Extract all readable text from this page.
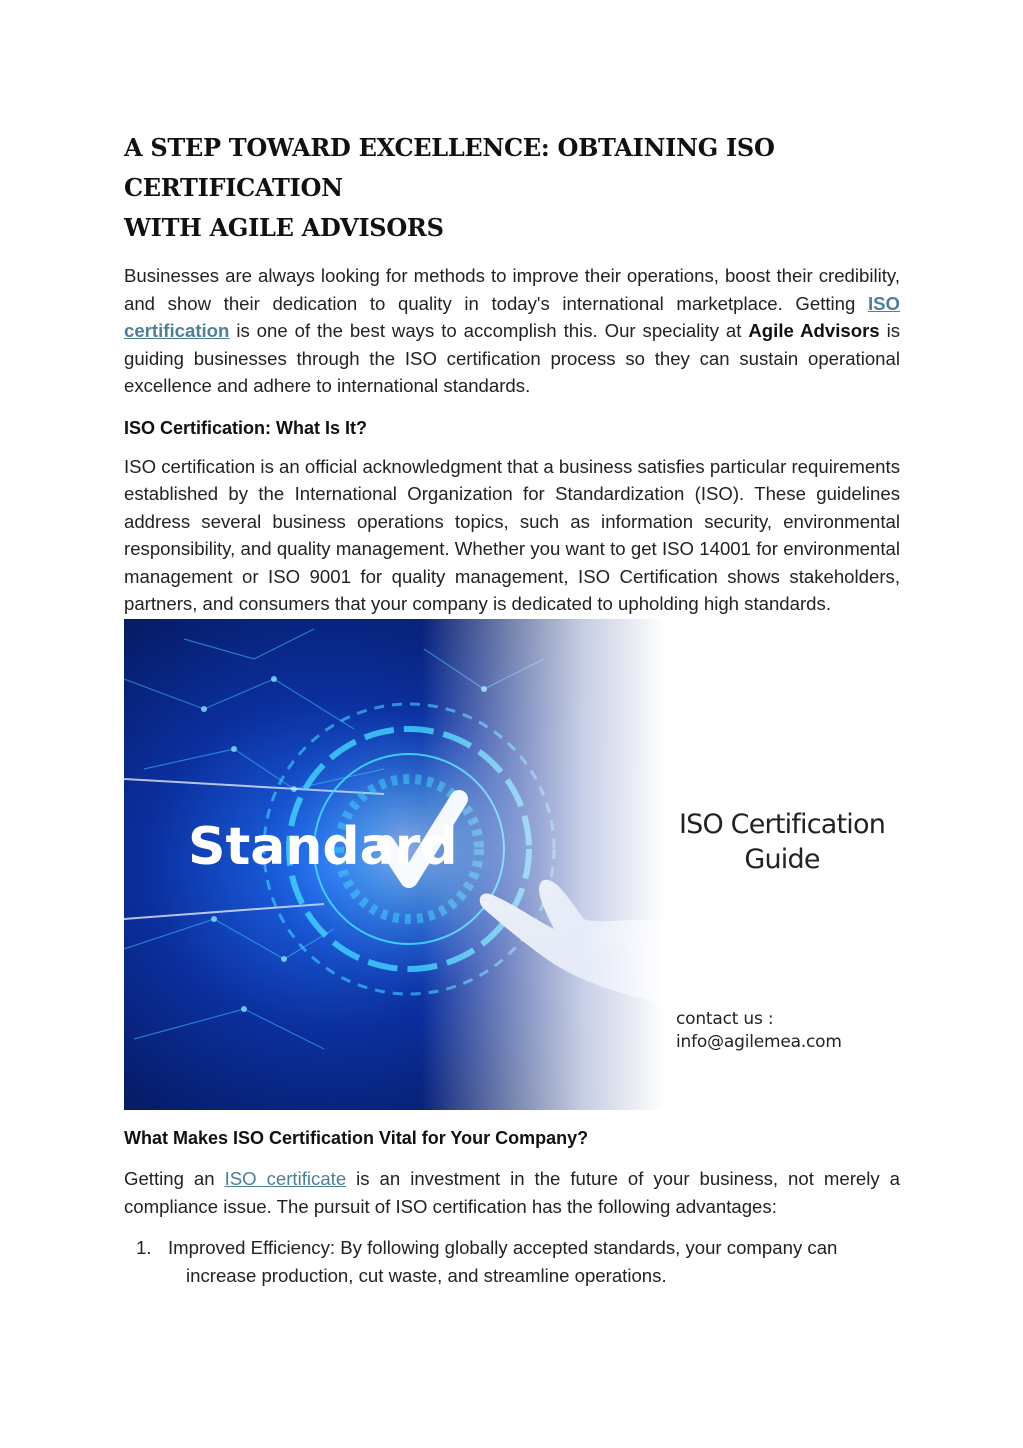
A STEP TOWARD EXCELLENCE: OBTAINING ISO CERTIFICATION
WITH AGILE ADVISORS

Businesses are always looking for methods to improve their operations, boost their credibility, and show their dedication to quality in today's international marketplace. Getting ISO certification is one of the best ways to accomplish this. Our speciality at Agile Advisors is guiding businesses through the ISO certification process so they can sustain operational excellence and adhere to international standards.

ISO Certification: What Is It?

ISO certification is an official acknowledgment that a business satisfies particular requirements established by the International Organization for Standardization (ISO). These guidelines address several business operations topics, such as information security, environmental responsibility, and quality management. Whether you want to get ISO 14001 for environmental management or ISO 9001 for quality management, ISO Certification shows stakeholders, partners, and consumers that your company is dedicated to upholding high standards.

ISO Certification
Guide
contact us :
info@agilemea.com
What Makes ISO Certification Vital for Your Company?

Getting an ISO certificate is an investment in the future of your business, not merely a compliance issue. The pursuit of ISO certification has the following advantages:

1. Improved Efficiency: By following globally accepted standards, your company can
increase production, cut waste, and streamline operations.
